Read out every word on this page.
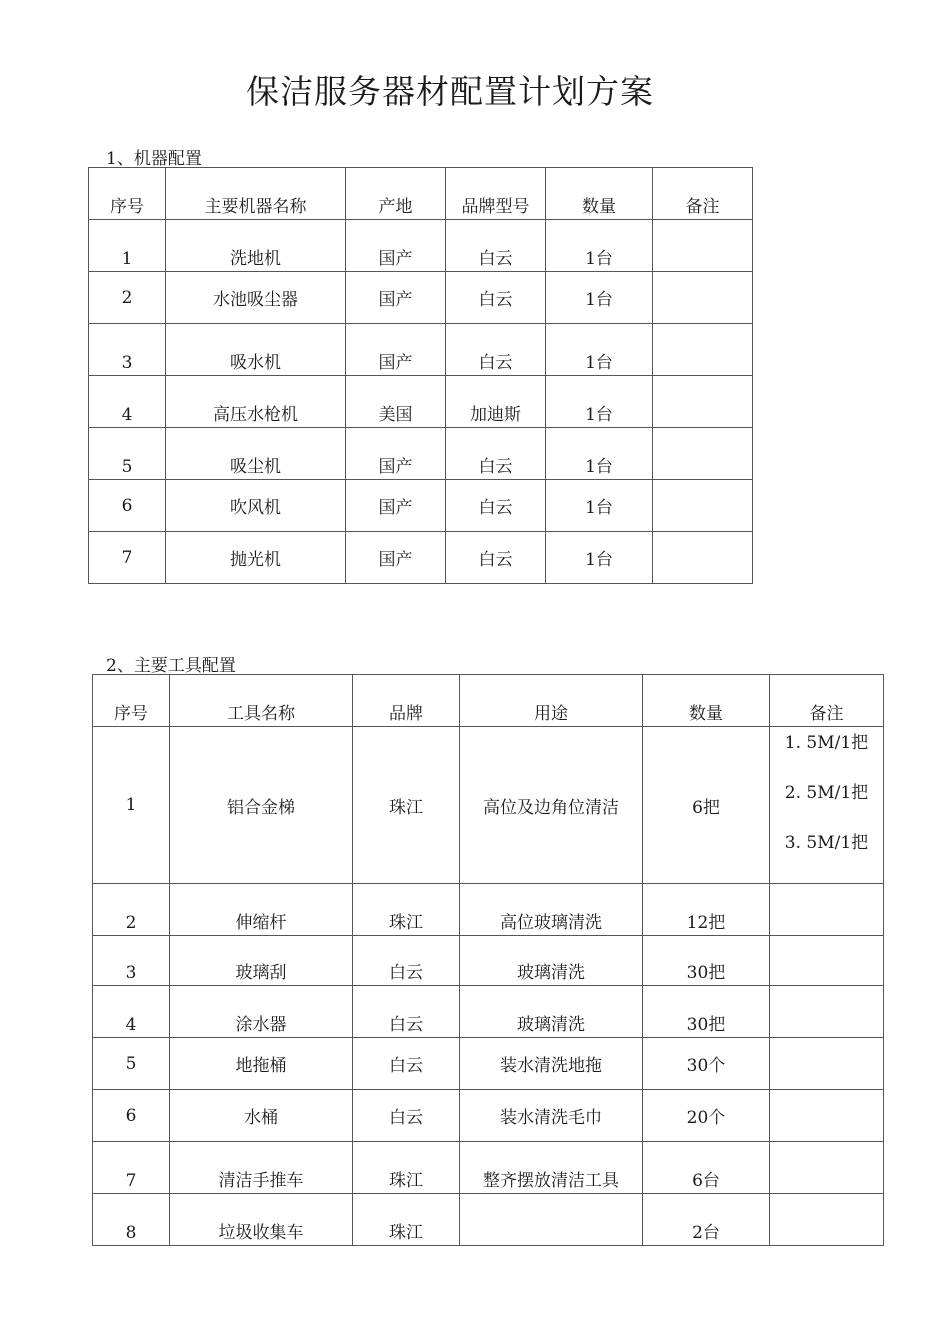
保洁服务器材配置计划方案
1、机器配置
序号	主要机器名称	产地	品牌型号	数量	备注
1	洗地机	国产	白云	1台	
2	水池吸尘器	国产	白云	1台	
3	吸水机	国产	白云	1台	
4	高压水枪机	美国	加迪斯	1台	
5	吸尘机	国产	白云	1台	
6	吹风机	国产	白云	1台	
7	抛光机	国产	白云	1台	
2、主要工具配置
序号	工具名称	品牌	用途	数量	备注
1	铝合金梯	珠江	高位及边角位清洁	6把	1. 5M/1把
2. 5M/1把
3. 5M/1把

2	伸缩杆	珠江	高位玻璃清洗	12把	
3	玻璃刮	白云	玻璃清洗	30把	
4	涂水器	白云	玻璃清洗	30把	
5	地拖桶	白云	装水清洗地拖	30个	
6	水桶	白云	装水清洗毛巾	20个	
7	清洁手推车	珠江	整齐摆放清洁工具	6台	
8	垃圾收集车	珠江		2台	
